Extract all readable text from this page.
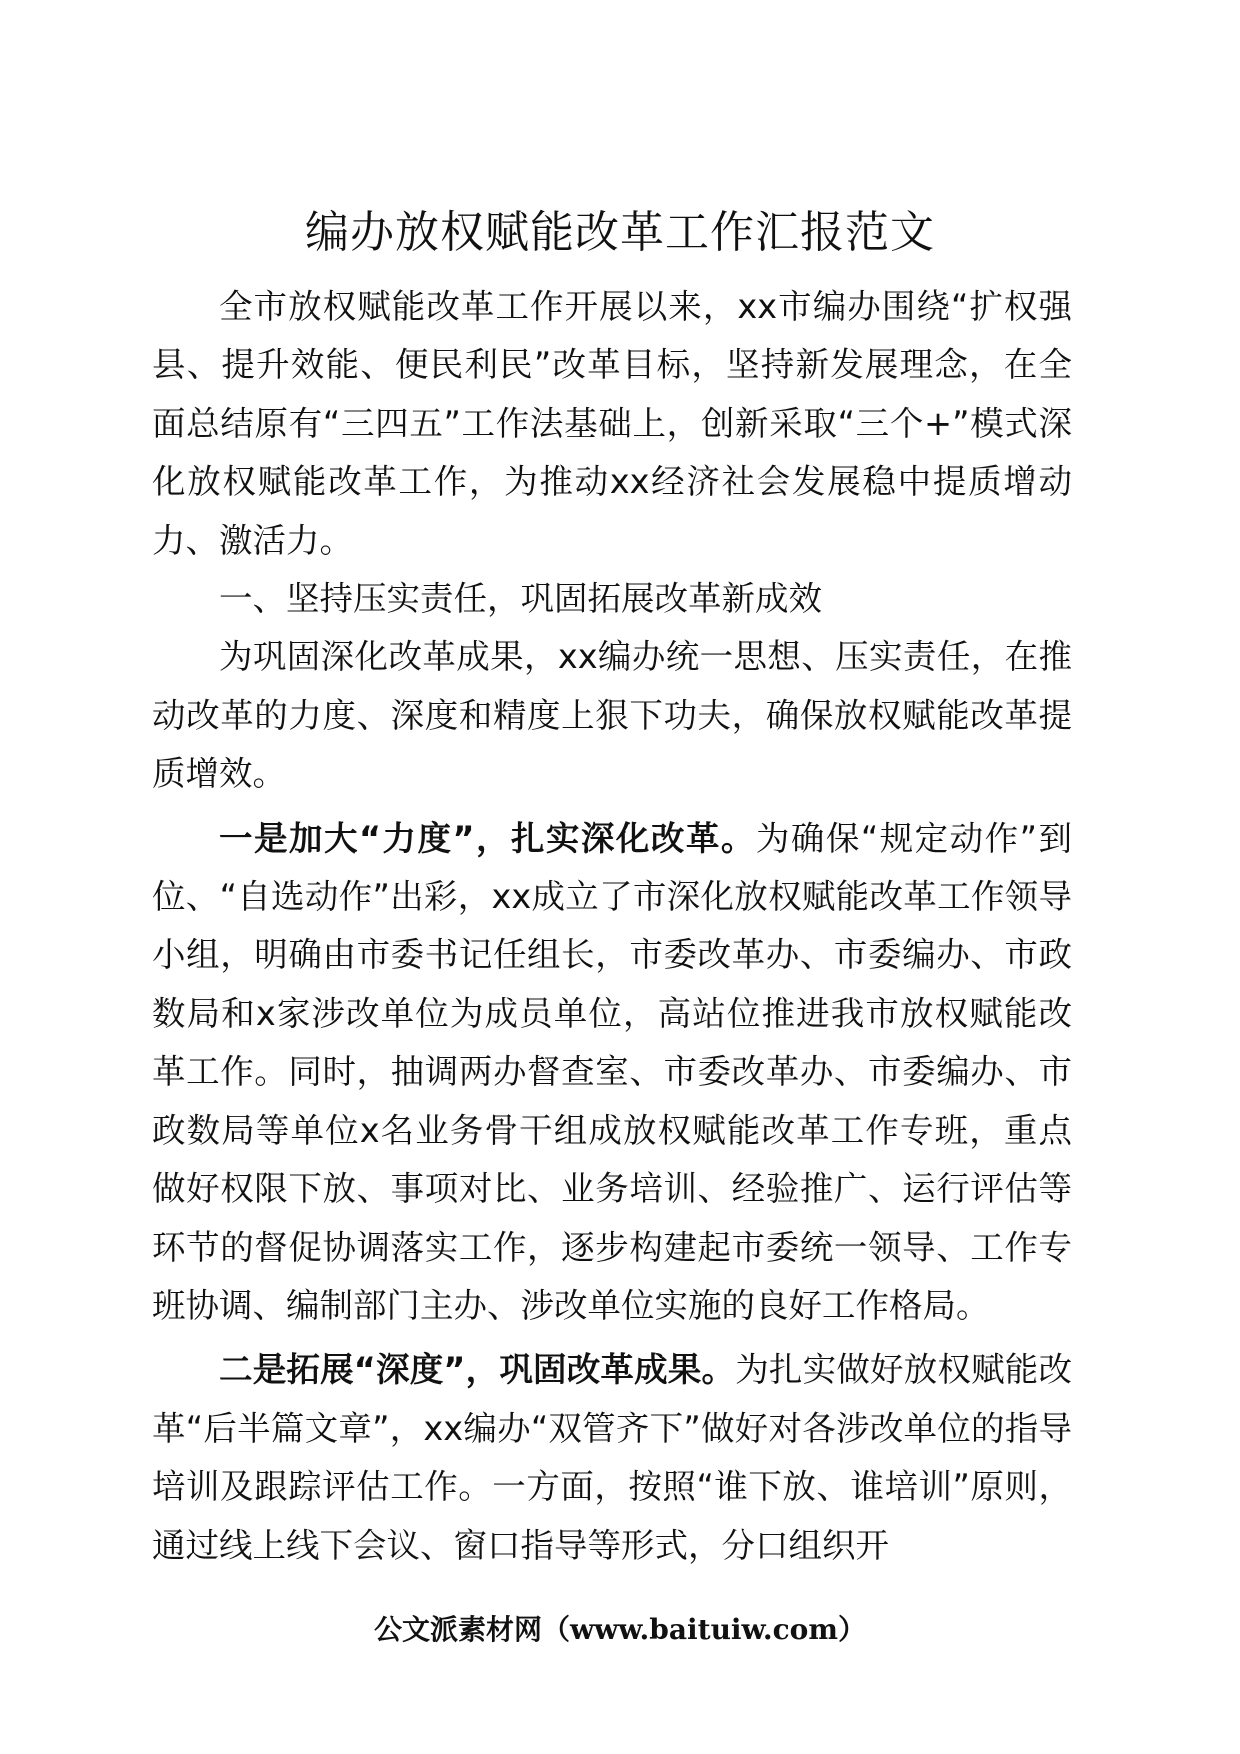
编办放权赋能改革工作汇报范文

全市放权赋能改革工作开展以来，xx市编办围绕“扩权强县、提升效能、便民利民”改革目标，坚持新发展理念，在全面总结原有“三四五”工作法基础上，创新采取“三个+”模式深化放权赋能改革工作，为推动xx经济社会发展稳中提质增动力、激活力。

一、坚持压实责任，巩固拓展改革新成效

为巩固深化改革成果，xx编办统一思想、压实责任，在推动改革的力度、深度和精度上狠下功夫，确保放权赋能改革提质增效。

一是加大“力度”，扎实深化改革。为确保“规定动作”到位、“自选动作”出彩，xx成立了市深化放权赋能改革工作领导小组，明确由市委书记任组长，市委改革办、市委编办、市政数局和x家涉改单位为成员单位，高站位推进我市放权赋能改革工作。同时，抽调两办督查室、市委改革办、市委编办、市政数局等单位x名业务骨干组成放权赋能改革工作专班，重点做好权限下放、事项对比、业务培训、经验推广、运行评估等环节的督促协调落实工作，逐步构建起市委统一领导、工作专班协调、编制部门主办、涉改单位实施的良好工作格局。

二是拓展“深度”，巩固改革成果。为扎实做好放权赋能改革“后半篇文章”，xx编办“双管齐下”做好对各涉改单位的指导培训及跟踪评估工作。一方面，按照“谁下放、谁培训”原则，通过线上线下会议、窗口指导等形式，分口组织开

公文派素材网（www.baituiw.com）
